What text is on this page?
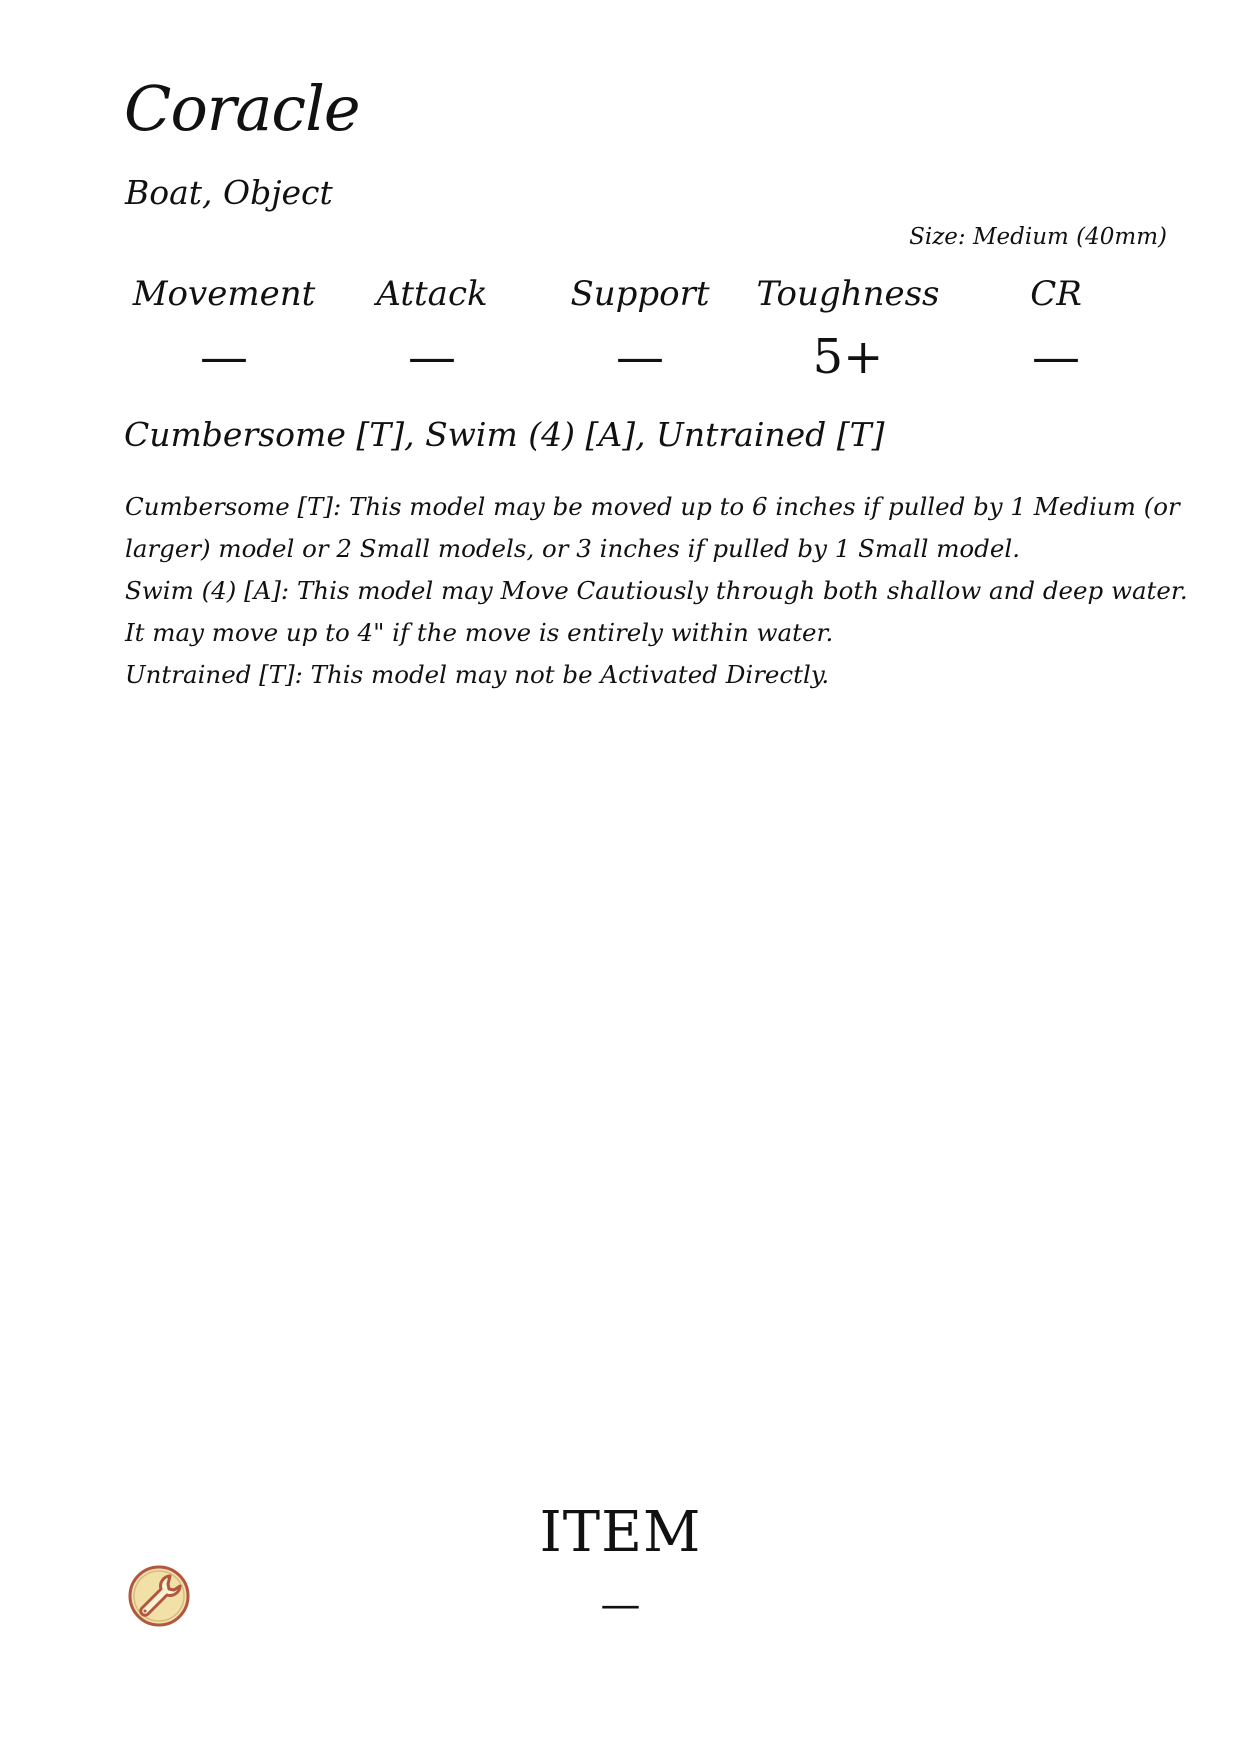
Coracle
Boat, Object
Size: Medium (40mm)
Movement
—
Attack
—
Support
—
Toughness
5+
CR
—
Cumbersome [T], Swim (4) [A], Untrained [T]
Cumbersome [T]: This model may be moved up to 6 inches if pulled by 1 Medium (or
larger) model or 2 Small models, or 3 inches if pulled by 1 Small model.
Swim (4) [A]: This model may Move Cautiously through both shallow and deep water.
It may move up to 4" if the move is entirely within water.
Untrained [T]: This model may not be Activated Directly.
ITEM
—
